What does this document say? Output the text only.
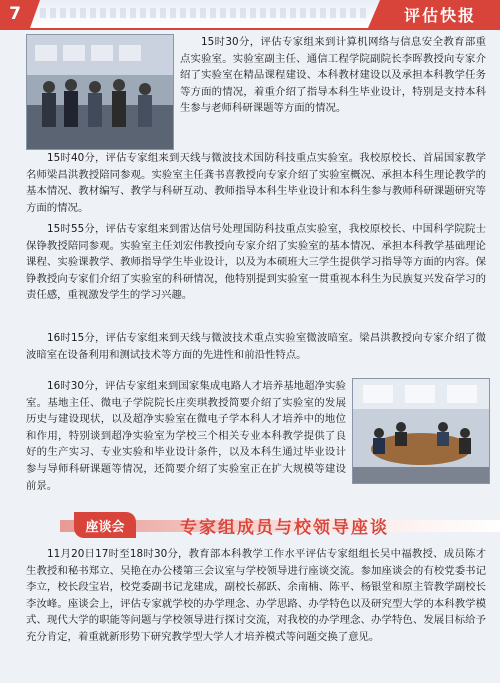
7	评估快报

15时30分，评估专家组来到计算机网络与信息安全教育部重点实验室。实验室副主任、通信工程学院副院长李晖教授向专家介绍了实验室在精品课程建设、本科教材建设以及承担本科教学任务等方面的情况，着重介绍了指导本科生毕业设计，特别是支持本科生参与老师科研课题等方面的情况。

15时40分，评估专家组来到天线与微波技术国防科技重点实验室。我校原校长、首届国家教学名师梁昌洪教授陪同参观。实验室主任龚书喜教授向专家介绍了实验室概况、承担本科生理论教学的基本情况、教材编写、教学与科研互动、教师指导本科生毕业设计和本科生参与教师科研课题研究等方面的情况。

15时55分，评估专家组来到雷达信号处理国防科技重点实验室，我校原校长、中国科学院院士保铮教授陪同参观。实验室主任刘宏伟教授向专家介绍了实验室的基本情况、承担本科教学基础理论课程、实验课教学、教师指导学生毕业设计，以及为本硕班大三学生提供学习指导等方面的内容。保铮教授向专家们介绍了实验室的科研情况，他特别提到实验室一贯重视本科生为民族复兴发奋学习的责任感，重视激发学生的学习兴趣。

16时15分，评估专家组来到天线与微波技术重点实验室微波暗室。梁昌洪教授向专家介绍了微波暗室在设备利用和测试技术等方面的先进性和前沿性特点。

16时30分，评估专家组来到国家集成电路人才培养基地超净实验室。基地主任、微电子学院院长庄奕琪教授简要介绍了实验室的发展历史与建设现状，以及超净实验室在微电子学本科人才培养中的地位和作用，特别谈到超净实验室为学校三个相关专业本科教学提供了良好的生产实习、专业实验和毕业设计条件，以及本科生通过毕业设计参与导师科研课题等情况，还简要介绍了实验室正在扩大规模等建设前景。

座谈会	专家组成员与校领导座谈

11月20日17时至18时30分，教育部本科教学工作水平评估专家组组长吴中福教授、成员陈才生教授和秘书郑立、吴艳在办公楼第三会议室与学校领导进行座谈交流。参加座谈会的有校党委书记李立，校长段宝岩，校党委副书记龙建成，副校长郝跃、余南楠、陈平、杨银堂和原主管教学副校长李汝峰。座谈会上，评估专家就学校的办学理念、办学思路、办学特色以及研究型大学的本科教学模式、现代大学的职能等问题与学校领导进行探讨交流，对我校的办学理念、办学特色、发展目标给予充分肯定，着重就新形势下研究教学型大学人才培养模式等问题交换了意见。
